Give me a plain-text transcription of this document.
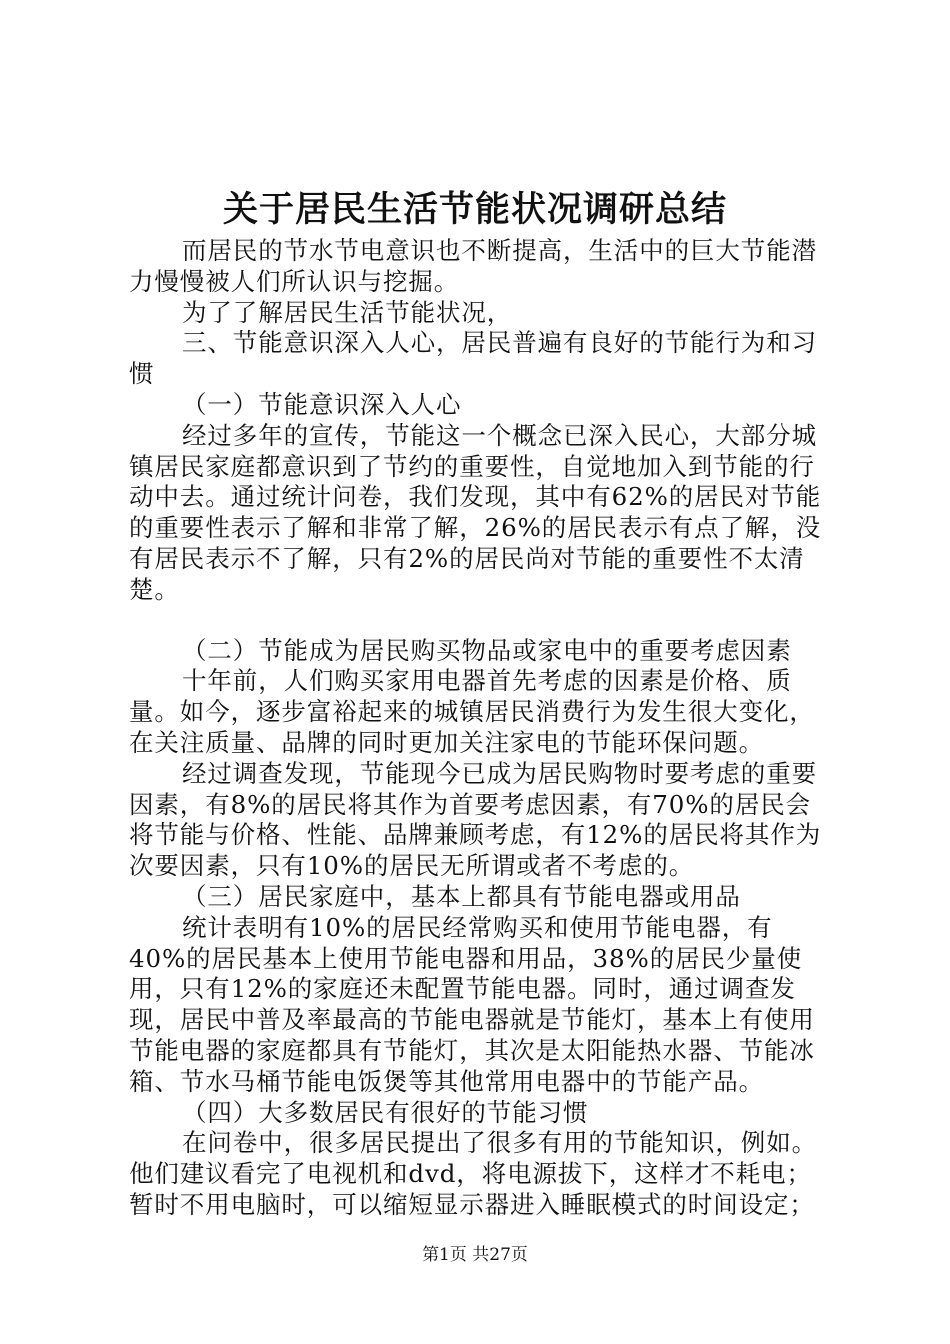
关于居民生活节能状况调研总结

而居民的节水节电意识也不断提高，生活中的巨大节能潜力慢慢被人们所认识与挖掘。

为了了解居民生活节能状况，

三、节能意识深入人心，居民普遍有良好的节能行为和习惯

（一）节能意识深入人心

经过多年的宣传，节能这一个概念已深入民心，大部分城镇居民家庭都意识到了节约的重要性，自觉地加入到节能的行动中去。通过统计问卷，我们发现，其中有62%的居民对节能的重要性表示了解和非常了解，26%的居民表示有点了解，没有居民表示不了解，只有2%的居民尚对节能的重要性不太清楚。

（二）节能成为居民购买物品或家电中的重要考虑因素

十年前，人们购买家用电器首先考虑的因素是价格、质量。如今，逐步富裕起来的城镇居民消费行为发生很大变化，在关注质量、品牌的同时更加关注家电的节能环保问题。

经过调查发现，节能现今已成为居民购物时要考虑的重要因素，有8%的居民将其作为首要考虑因素，有70%的居民会将节能与价格、性能、品牌兼顾考虑，有12%的居民将其作为次要因素，只有10%的居民无所谓或者不考虑的。

（三）居民家庭中，基本上都具有节能电器或用品

统计表明有10%的居民经常购买和使用节能电器，有40%的居民基本上使用节能电器和用品，38%的居民少量使用，只有12%的家庭还未配置节能电器。同时，通过调查发现，居民中普及率最高的节能电器就是节能灯，基本上有使用节能电器的家庭都具有节能灯，其次是太阳能热水器、节能冰箱、节水马桶节能电饭煲等其他常用电器中的节能产品。

（四）大多数居民有很好的节能习惯

在问卷中，很多居民提出了很多有用的节能知识，例如。他们建议看完了电视机和dvd，将电源拔下，这样才不耗电；暂时不用电脑时，可以缩短显示器进入睡眠模式的时间设定；

第1页 共27页
